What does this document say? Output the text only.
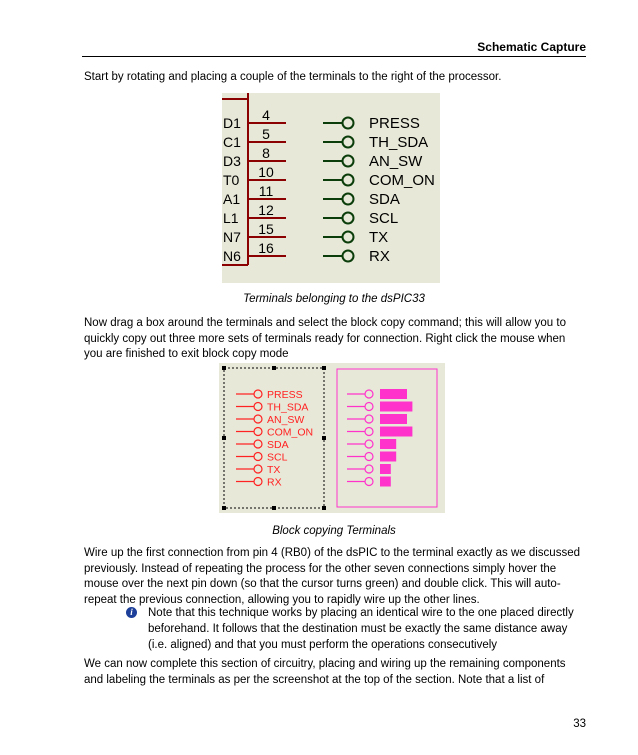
Schematic Capture
Start by rotating and placing a couple of the terminals to the right of the processor.
D1 4	PRESS
C1 5	TH_SDA
D3 8	AN_SW
T0 10	COM_ON
A1 11	SDA
L1 12	SCL
N7 15	TX
N6 16	RX
Terminals belonging to the dsPIC33
Now drag a box around the terminals and select the block copy command; this will allow you to quickly copy out three more sets of terminals ready for connection. Right click the mouse when you are finished to exit block copy mode
PRESS
TH_SDA
AN_SW
COM_ON
SDA
SCL
TX
RX
Block copying Terminals
Wire up the first connection from pin 4 (RB0) of the dsPIC to the terminal exactly as we discussed previously. Instead of repeating the process for the other seven connections simply hover the mouse over the next pin down (so that the cursor turns green) and double click. This will auto-repeat the previous connection, allowing you to rapidly wire up the other lines.
i	Note that this technique works by placing an identical wire to the one placed directly beforehand. It follows that the destination must be exactly the same distance away (i.e. aligned) and that you must perform the operations consecutively
We can now complete this section of circuitry, placing and wiring up the remaining components and labeling the terminals as per the screenshot at the top of the section. Note that a list of
33
